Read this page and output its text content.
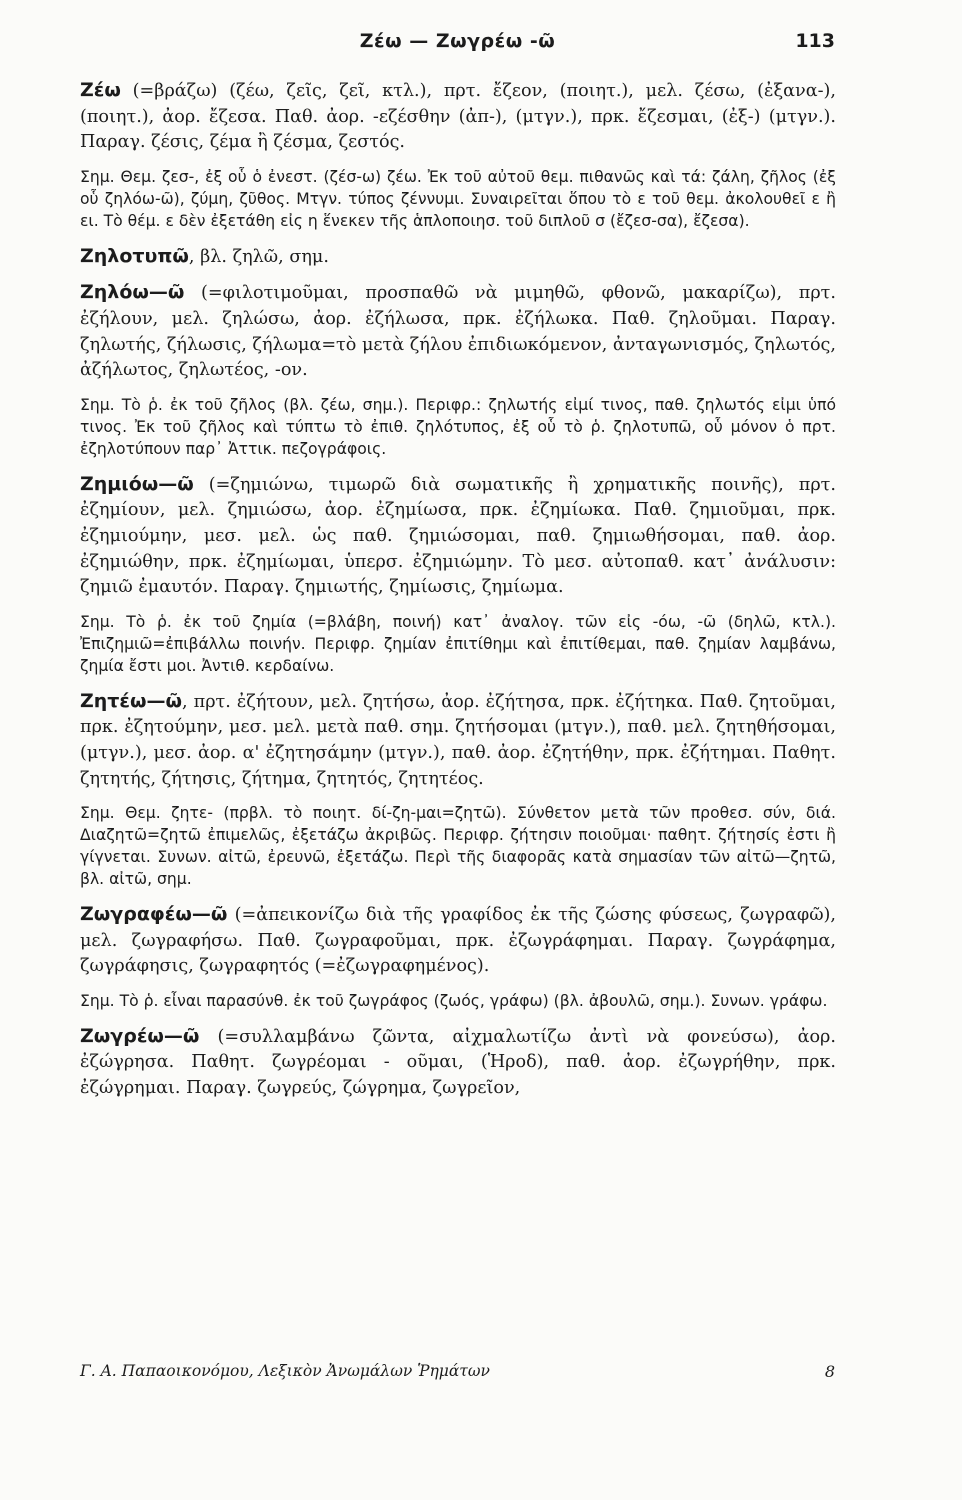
Ζέω — Ζωγρέω -ῶ	113

Ζέω (=βράζω) (ζέω, ζεῖς, ζεῖ, κτλ.), πρτ. ἔζεον, (ποιητ.), μελ. ζέσω, (ἐξανα-), (ποιητ.), ἀορ. ἔζεσα. Παθ. ἀορ. -εζέσθην (ἀπ-), (μτγν.), πρκ. ἔζεσμαι, (ἐξ-) (μτγν.). Παραγ. ζέσις, ζέμα ἢ ζέσμα, ζεστός.

Σημ. Θεμ. ζεσ-, ἐξ οὗ ὁ ἐνεστ. (ζέσ-ω) ζέω. Ἐκ τοῦ αὐτοῦ θεμ. πιθανῶς καὶ τά: ζάλη, ζῆλος (ἐξ οὗ ζηλόω-ῶ), ζύμη, ζῦθος. Μτγν. τύπος ζέννυμι. Συναιρεῖται ὅπου τὸ ε τοῦ θεμ. ἀκολουθεῖ ε ἢ ει. Τὸ θέμ. ε δὲν ἐξετάθη εἰς η ἕνεκεν τῆς ἁπλοποιησ. τοῦ διπλοῦ σ (ἔζεσ-σα), ἔζεσα).

Ζηλοτυπῶ, βλ. ζηλῶ, σημ.

Ζηλόω—ῶ (=φιλοτιμοῦμαι, προσπαθῶ νὰ μιμηθῶ, φθονῶ, μακαρίζω), πρτ. ἐζήλουν, μελ. ζηλώσω, ἀορ. ἐζήλωσα, πρκ. ἐζήλωκα. Παθ. ζηλοῦμαι. Παραγ. ζηλωτής, ζήλωσις, ζήλωμα=τὸ μετὰ ζήλου ἐπιδιωκόμενον, ἀνταγωνισμός, ζηλωτός, ἀζήλωτος, ζηλωτέος, -ον.

Σημ. Τὸ ῥ. ἐκ τοῦ ζῆλος (βλ. ζέω, σημ.). Περιφρ.: ζηλωτής εἰμί τινος, παθ. ζηλωτός εἰμι ὑπό τινος. Ἐκ τοῦ ζῆλος καὶ τύπτω τὸ ἐπιθ. ζηλότυπος, ἐξ οὗ τὸ ῥ. ζηλοτυπῶ, οὗ μόνον ὁ πρτ. ἐζηλοτύπουν παρ᾽ Ἀττικ. πεζογράφοις.

Ζημιόω—ῶ (=ζημιώνω, τιμωρῶ διὰ σωματικῆς ἢ χρηματικῆς ποινῆς), πρτ. ἐζημίουν, μελ. ζημιώσω, ἀορ. ἐζημίωσα, πρκ. ἐζημίωκα. Παθ. ζημιοῦμαι, πρκ. ἐζημιούμην, μεσ. μελ. ὡς παθ. ζημιώσομαι, παθ. ζημιωθήσομαι, παθ. ἀορ. ἐζημιώθην, πρκ. ἐζημίωμαι, ὑπερσ. ἐζημιώμην. Τὸ μεσ. αὐτοπαθ. κατ᾽ ἀνάλυσιν: ζημιῶ ἐμαυτόν. Παραγ. ζημιωτής, ζημίωσις, ζημίωμα.

Σημ. Τὸ ῥ. ἐκ τοῦ ζημία (=βλάβη, ποινή) κατ᾽ ἀναλογ. τῶν εἰς -όω, -ῶ (δηλῶ, κτλ.). Ἐπιζημιῶ=ἐπιβάλλω ποινήν. Περιφρ. ζημίαν ἐπιτίθημι καὶ ἐπιτίθεμαι, παθ. ζημίαν λαμβάνω, ζημία ἔστι μοι. Ἀντιθ. κερδαίνω.

Ζητέω—ῶ, πρτ. ἐζήτουν, μελ. ζητήσω, ἀορ. ἐζήτησα, πρκ. ἐζήτηκα. Παθ. ζητοῦμαι, πρκ. ἐζητούμην, μεσ. μελ. μετὰ παθ. σημ. ζητήσομαι (μτγν.), παθ. μελ. ζητηθήσομαι, (μτγν.), μεσ. ἀορ. α' ἐζητησάμην (μτγν.), παθ. ἀορ. ἐζητήθην, πρκ. ἐζήτημαι. Παθητ. ζητητής, ζήτησις, ζήτημα, ζητητός, ζητητέος.

Σημ. Θεμ. ζητε- (πρβλ. τὸ ποιητ. δί-ζη-μαι=ζητῶ). Σύνθετον μετὰ τῶν προθεσ. σύν, διά. Διαζητῶ=ζητῶ ἐπιμελῶς, ἐξετάζω ἀκριβῶς. Περιφρ. ζήτησιν ποιοῦμαι· παθητ. ζήτησίς ἐστι ἢ γίγνεται. Συνων. αἰτῶ, ἐρευνῶ, ἐξετάζω. Περὶ τῆς διαφορᾶς κατὰ σημασίαν τῶν αἰτῶ—ζητῶ, βλ. αἰτῶ, σημ.

Ζωγραφέω—ῶ (=ἀπεικονίζω διὰ τῆς γραφίδος ἐκ τῆς ζώσης φύσεως, ζωγραφῶ), μελ. ζωγραφήσω. Παθ. ζωγραφοῦμαι, πρκ. ἐζωγράφημαι. Παραγ. ζωγράφημα, ζωγράφησις, ζωγραφητός (=ἐζωγραφημένος).

Σημ. Τὸ ῥ. εἶναι παρασύνθ. ἐκ τοῦ ζωγράφος (ζωός, γράφω) (βλ. ἀβουλῶ, σημ.). Συνων. γράφω.

Ζωγρέω—ῶ (=συλλαμβάνω ζῶντα, αἰχμαλωτίζω ἀντὶ νὰ φονεύσω), ἀορ. ἐζώγρησα. Παθητ. ζωγρέομαι - οῦμαι, (Ἡροδ), παθ. ἀορ. ἐζωγρήθην, πρκ. ἐζώγρημαι. Παραγ. ζωγρεύς, ζώγρημα, ζωγρεῖον,

Γ. Α. Παπαοικονόμου, Λεξικὸν Ἀνωμάλων Ῥημάτων	8
